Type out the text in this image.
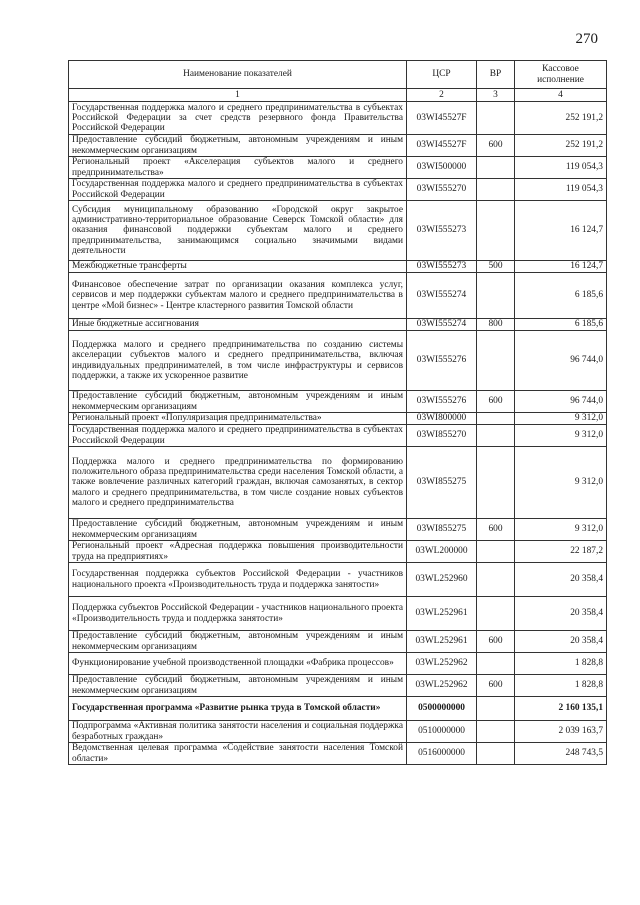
270
Наименование показателей	ЦСР	ВР	Кассовое исполнение
1	2	3	4
Государственная поддержка малого и среднего предпринимательства в субъектах Российской Федерации за счет средств резервного фонда Правительства Российской Федерации	03WI45527F		252 191,2
Предоставление субсидий бюджетным, автономным учреждениям и иным некоммерческим организациям	03WI45527F	600	252 191,2
Региональный проект «Акселерация субъектов малого и среднего предпринимательства»	03WI500000		119 054,3
Государственная поддержка малого и среднего предпринимательства в субъектах Российской Федерации	03WI555270		119 054,3
Субсидия муниципальному образованию «Городской округ закрытое административно-территориальное образование Северск Томской области» для оказания финансовой поддержки субъектам малого и среднего предпринимательства, занимающимся социально значимыми видами деятельности	03WI555273		16 124,7
Межбюджетные трансферты	03WI555273	500	16 124,7
Финансовое обеспечение затрат по организации оказания комплекса услуг, сервисов и мер поддержки субъектам малого и среднего предпринимательства в центре «Мой бизнес» - Центре кластерного развития Томской области	03WI555274		6 185,6
Иные бюджетные ассигнования	03WI555274	800	6 185,6
Поддержка малого и среднего предпринимательства по созданию системы акселерации субъектов малого и среднего предпринимательства, включая индивидуальных предпринимателей, в том числе инфраструктуры и сервисов поддержки, а также их ускоренное развитие	03WI555276		96 744,0
Предоставление субсидий бюджетным, автономным учреждениям и иным некоммерческим организациям	03WI555276	600	96 744,0
Региональный проект «Популяризация предпринимательства»	03WI800000		9 312,0
Государственная поддержка малого и среднего предпринимательства в субъектах Российской Федерации	03WI855270		9 312,0
Поддержка малого и среднего предпринимательства по формированию положительного образа предпринимательства среди населения Томской области, а также вовлечение различных категорий граждан, включая самозанятых, в сектор малого и среднего предпринимательства, в том числе создание новых субъектов малого и среднего предпринимательства	03WI855275		9 312,0
Предоставление субсидий бюджетным, автономным учреждениям и иным некоммерческим организациям	03WI855275	600	9 312,0
Региональный проект «Адресная поддержка повышения производительности труда на предприятиях»	03WL200000		22 187,2
Государственная поддержка субъектов Российской Федерации - участников национального проекта «Производительность труда и поддержка занятости»	03WL252960		20 358,4
Поддержка субъектов Российской Федерации - участников национального проекта «Производительность труда и поддержка занятости»	03WL252961		20 358,4
Предоставление субсидий бюджетным, автономным учреждениям и иным некоммерческим организациям	03WL252961	600	20 358,4
Функционирование учебной производственной площадки «Фабрика процессов»	03WL252962		1 828,8
Предоставление субсидий бюджетным, автономным учреждениям и иным некоммерческим организациям	03WL252962	600	1 828,8
Государственная программа «Развитие рынка труда в Томской области»	0500000000		2 160 135,1
Подпрограмма «Активная политика занятости населения и социальная поддержка безработных граждан»	0510000000		2 039 163,7
Ведомственная целевая программа «Содействие занятости населения Томской области»	0516000000		248 743,5
